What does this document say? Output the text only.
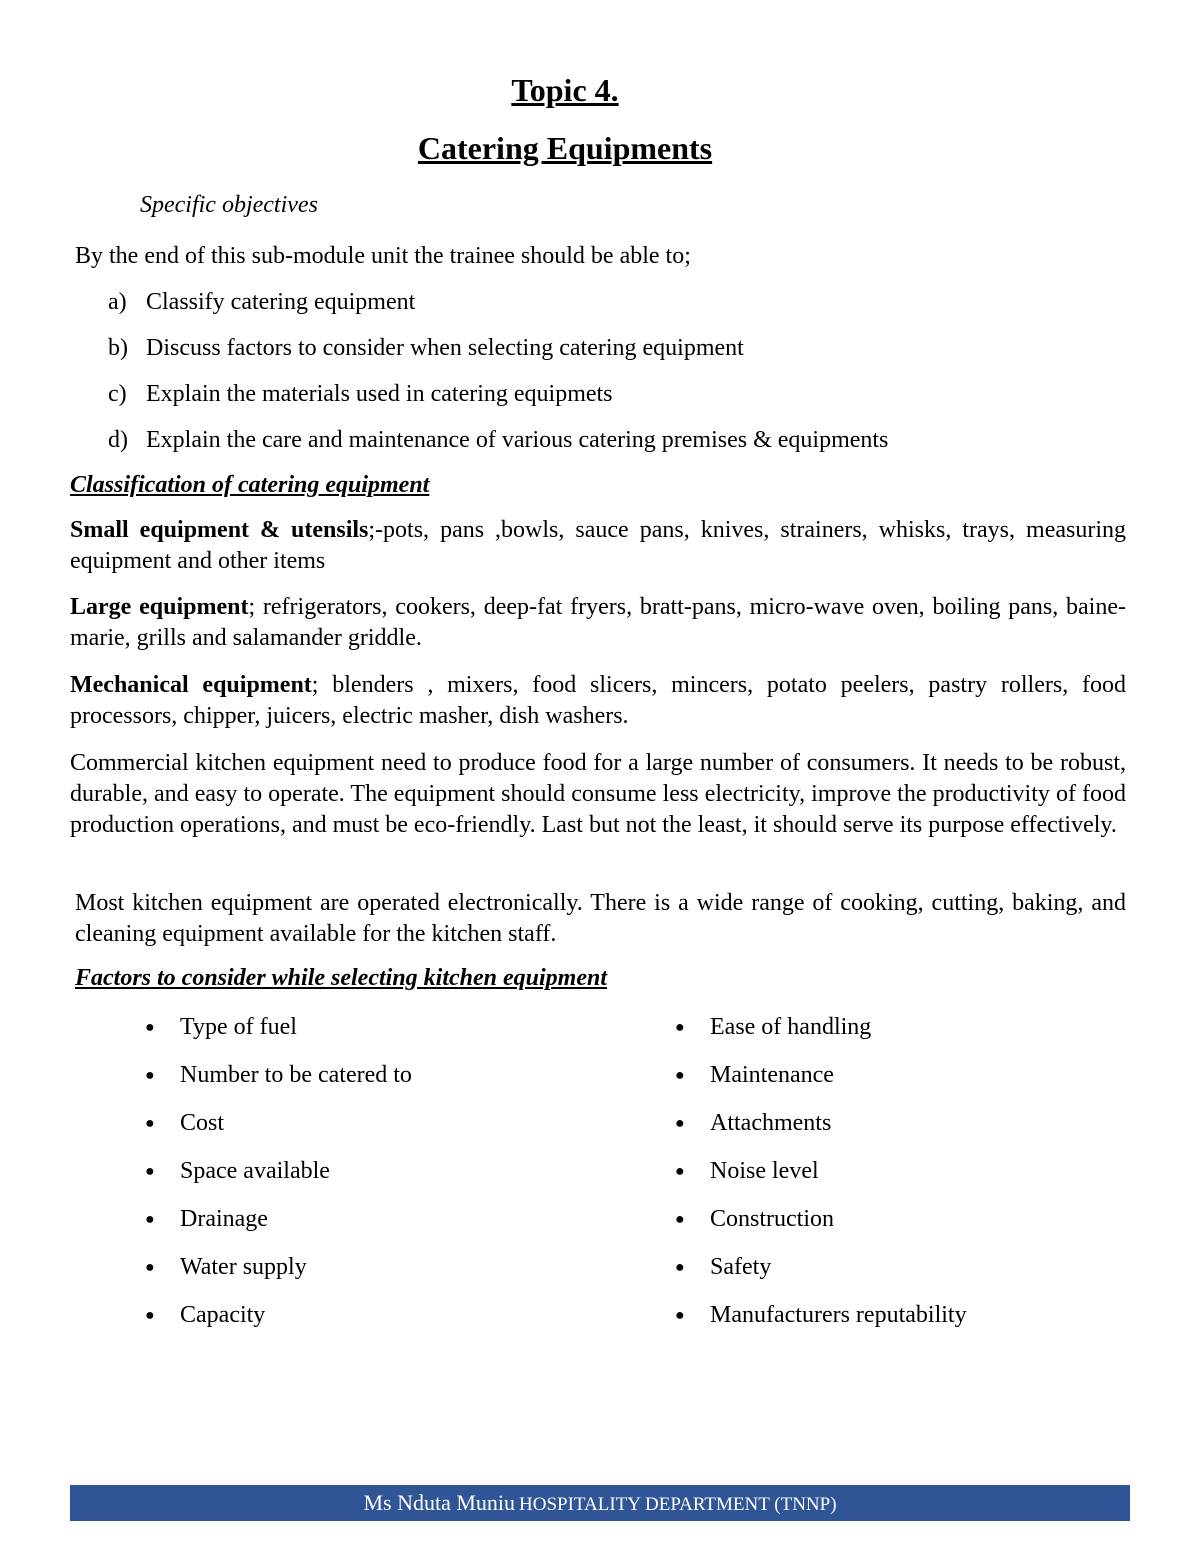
Topic 4.
Catering Equipments
Specific objectives
By the end of this sub-module unit the trainee should be able to;
a) Classify catering equipment
b) Discuss factors to consider when selecting catering equipment
c) Explain the materials used in catering equipmets
d) Explain the care and maintenance of various catering premises & equipments
Classification of catering equipment
Small equipment & utensils;-pots, pans ,bowls, sauce pans, knives, strainers, whisks, trays, measuring equipment and other items
Large equipment; refrigerators, cookers, deep-fat fryers, bratt-pans, micro-wave oven, boiling pans, baine-marie, grills and salamander griddle.
Mechanical equipment; blenders , mixers, food slicers, mincers, potato peelers, pastry rollers, food processors, chipper, juicers, electric masher, dish washers.
Commercial kitchen equipment need to produce food for a large number of consumers. It needs to be robust, durable, and easy to operate. The equipment should consume less electricity, improve the productivity of food production operations, and must be eco-friendly. Last but not the least, it should serve its purpose effectively.
Most kitchen equipment are operated electronically. There is a wide range of cooking, cutting, baking, and cleaning equipment available for the kitchen staff.
Factors to consider while selecting kitchen equipment
● Type of fuel
● Number to be catered to
● Cost
● Space available
● Drainage
● Water supply
● Capacity
● Ease of handling
● Maintenance
● Attachments
● Noise level
● Construction
● Safety
● Manufacturers reputability
Ms Nduta Muniu HOSPITALITY DEPARTMENT (TNNP)
